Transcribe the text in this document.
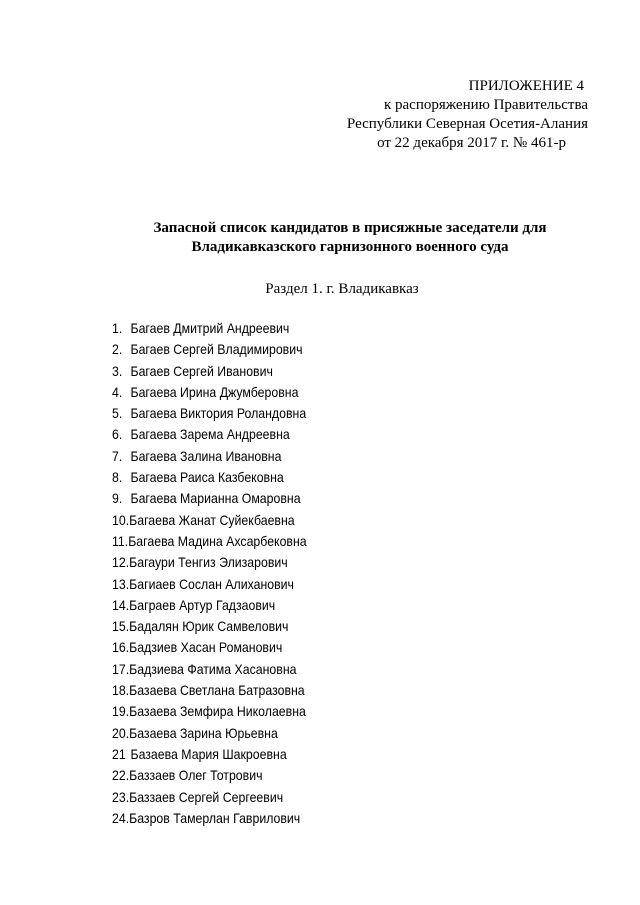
ПРИЛОЖЕНИЕ 4
к распоряжению Правительства
Республики Северная Осетия-Алания
от 22 декабря 2017 г. № 461-р
Запасной список кандидатов в присяжные заседатели для
Владикавказского гарнизонного военного суда
Раздел 1. г. Владикавказ
1. Багаев Дмитрий Андреевич
2. Багаев Сергей Владимирович
3. Багаев Сергей Иванович
4. Багаева Ирина Джумберовна
5. Багаева Виктория Роландовна
6. Багаева Зарема Андреевна
7. Багаева Залина Ивановна
8. Багаева Раиса Казбековна
9. Багаева Марианна Омаровна
10. Багаева Жанат Суйекбаевна
11. Багаева Мадина Ахсарбековна
12. Багаури Тенгиз Элизарович
13. Багиаев Сослан Алиханович
14. Баграев Артур Гадзаович
15. Бадалян Юрик Самвелович
16. Бадзиев Хасан Романович
17. Бадзиева Фатима Хасановна
18. Базаева Светлана Батразовна
19. Базаева Земфира Николаевна
20. Базаева Зарина Юрьевна
21 Базаева Мария Шакроевна
22. Баззаев Олег Тотрович
23. Баззаев Сергей Сергеевич
24. Базров Тамерлан Гаврилович
